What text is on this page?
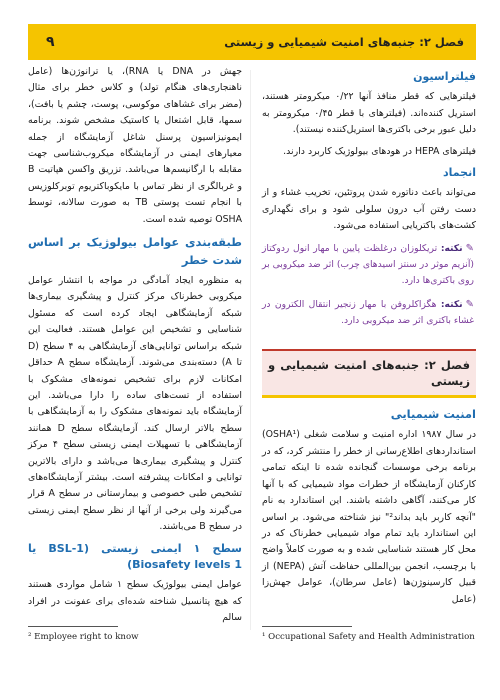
فصل ۲: جنبه‌های امنیت شیمیایی و زیستی
۹
فیلتراسیون

فیلترهایی که قطر منافذ آنها ۰/۲۲ میکرومتر هستند، استریل کننده‌اند. (فیلترهای با قطر ۰/۴۵ میکرومتر به دلیل عبور برخی باکتری‌ها استریل‌کننده نیستند).

فیلترهای HEPA در هودهای بیولوژیک کاربرد دارند.

انجماد

می‌تواند باعث دناتوره شدن پروتئین، تخریب غشاء و از دست رفتن آب درون سلولی شود و برای نگهداری کشت‌های باکتریایی استفاده می‌شود.

✎نکته: تریکلوزان درغلظت پایین با مهار انول ردوکتاز (آنزیم موثر در سنتز اسیدهای چرب) اثر ضد میکروبی بر روی باکتری‌ها دارد.
✎نکته: هگزاکلروفن با مهار زنجیر انتقال الکترون در غشاء باکتری اثر ضد میکروبی دارد.
فصل ۲: جنبه‌های امنیت شیمیایی و زیستی
امنیت شیمیایی

در سال ۱۹۸۷ اداره امنیت و سلامت شغلی (OSHA¹) استانداردهای اطلاع‌رسانی از خطر را منتشر کرد، که در برنامه برخی موسسات گنجانده شده تا اینکه تمامی کارکنان آزمایشگاه از خطرات مواد شیمیایی که با آنها کار می‌کنند، آگاهی داشته باشند. این استاندارد به نام "آنچه کاربر باید بداند²" نیز شناخته می‌شود. بر اساس این استاندارد باید تمام مواد شیمیایی خطرناک که در محل کار هستند شناسایی شده و به صورت کاملاً واضح با برچسب، انجمن بین‌المللی حفاظت آتش (NEPA) از قبیل کارسینوژن‌ها (عامل سرطان)، عوامل جهش‌زا (عامل

جهش در DNA یا RNA)، یا ترانوژن‌ها (عامل ناهنجاری‌های هنگام تولد) و کلاس خطر برای مثال (مضر برای غشاهای موکوسی، پوست، چشم یا بافت)، سمها، قابل اشتعال یا کاستیک مشخص شوند. برنامه ایمونیزاسیون پرسنل شاغل آزمایشگاه از جمله معیارهای ایمنی در آزمایشگاه میکروب‌شناسی جهت مقابله با ارگانیسم‌ها می‌باشد. تزریق واکسن هپاتیت B و غربالگری از نظر تماس با مایکوباکتریوم توبرکلوزیس با انجام تست پوستی TB به صورت سالانه، توسط OSHA توصیه شده است.

طبقه‌بندی عوامل بیولوژیک بر اساس شدت خطر

به منظوره ایجاد آمادگی در مواجه با انتشار عوامل میکروبی خطرناک مرکز کنترل و پیشگیری بیماری‌ها شبکه آزمایشگاهی ایجاد کرده است که مسئول شناسایی و تشخیص این عوامل هستند. فعالیت این شبکه براساس توانایی‌های آزمایشگاهی به ۴ سطح (D تا A) دسته‌بندی می‌شوند. آزمایشگاه سطح A حداقل امکانات لازم برای تشخیص نمونه‌های مشکوک با استفاده از تست‌های ساده را دارا می‌باشد. این آزمایشگاه باید نمونه‌های مشکوک را به آزمایشگاهی با سطح بالاتر ارسال کند. آزمایشگاه سطح D همانند آزمایشگاهی با تسهیلات ایمنی زیستی سطح ۴ مرکز کنترل و پیشگیری بیماری‌ها می‌باشد و دارای بالاترین توانایی و امکانات پیشرفته است. بیشتر آزمایشگاه‌های تشخیص طبی خصوصی و بیمارستانی در سطح A قرار می‌گیرند ولی برخی از آنها از نظر سطح ایمنی زیستی در سطح B می‌باشند.

سطح ۱ ایمنی زیستی (BSL-1 یا Biosafety levels 1)

عوامل ایمنی بیولوژیک سطح ۱ شامل مواردی هستند که هیچ پتانسیل شناخته شده‌ای برای عفونت در افراد سالم

² Employee right to know	¹ Occupational Safety and Health Administration
